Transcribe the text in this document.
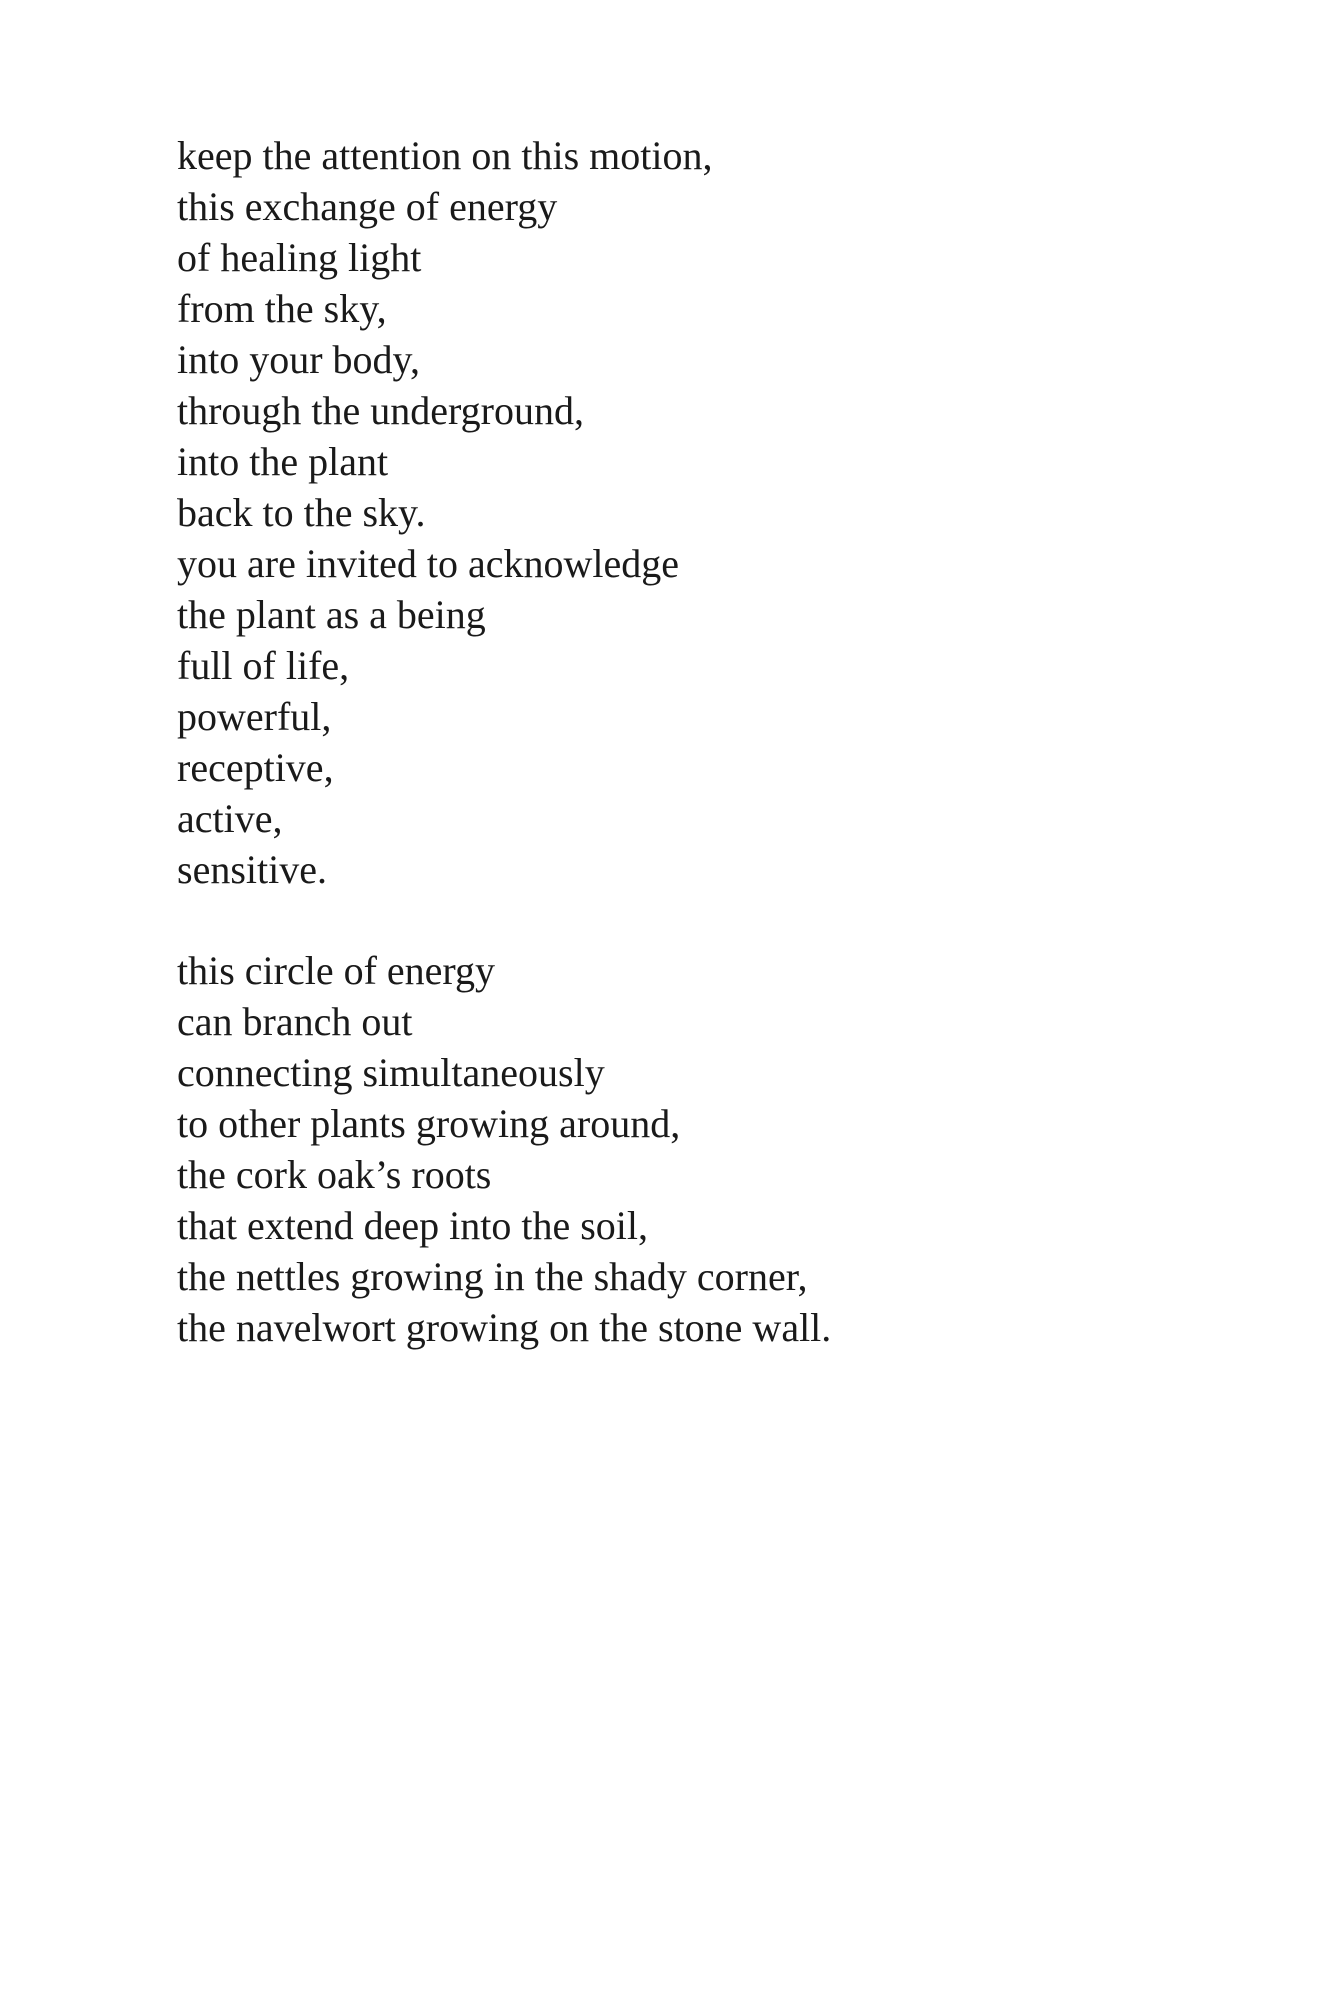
keep the attention on this motion,
this exchange of energy
of healing light
from the sky,
into your body,
through the underground,
into the plant
back to the sky.
you are invited to acknowledge
the plant as a being
full of life,
powerful,
receptive,
active,
sensitive.
this circle of energy
can branch out
connecting simultaneously
to other plants growing around,
the cork oak’s roots
that extend deep into the soil,
the nettles growing in the shady corner,
the navelwort growing on the stone wall.
